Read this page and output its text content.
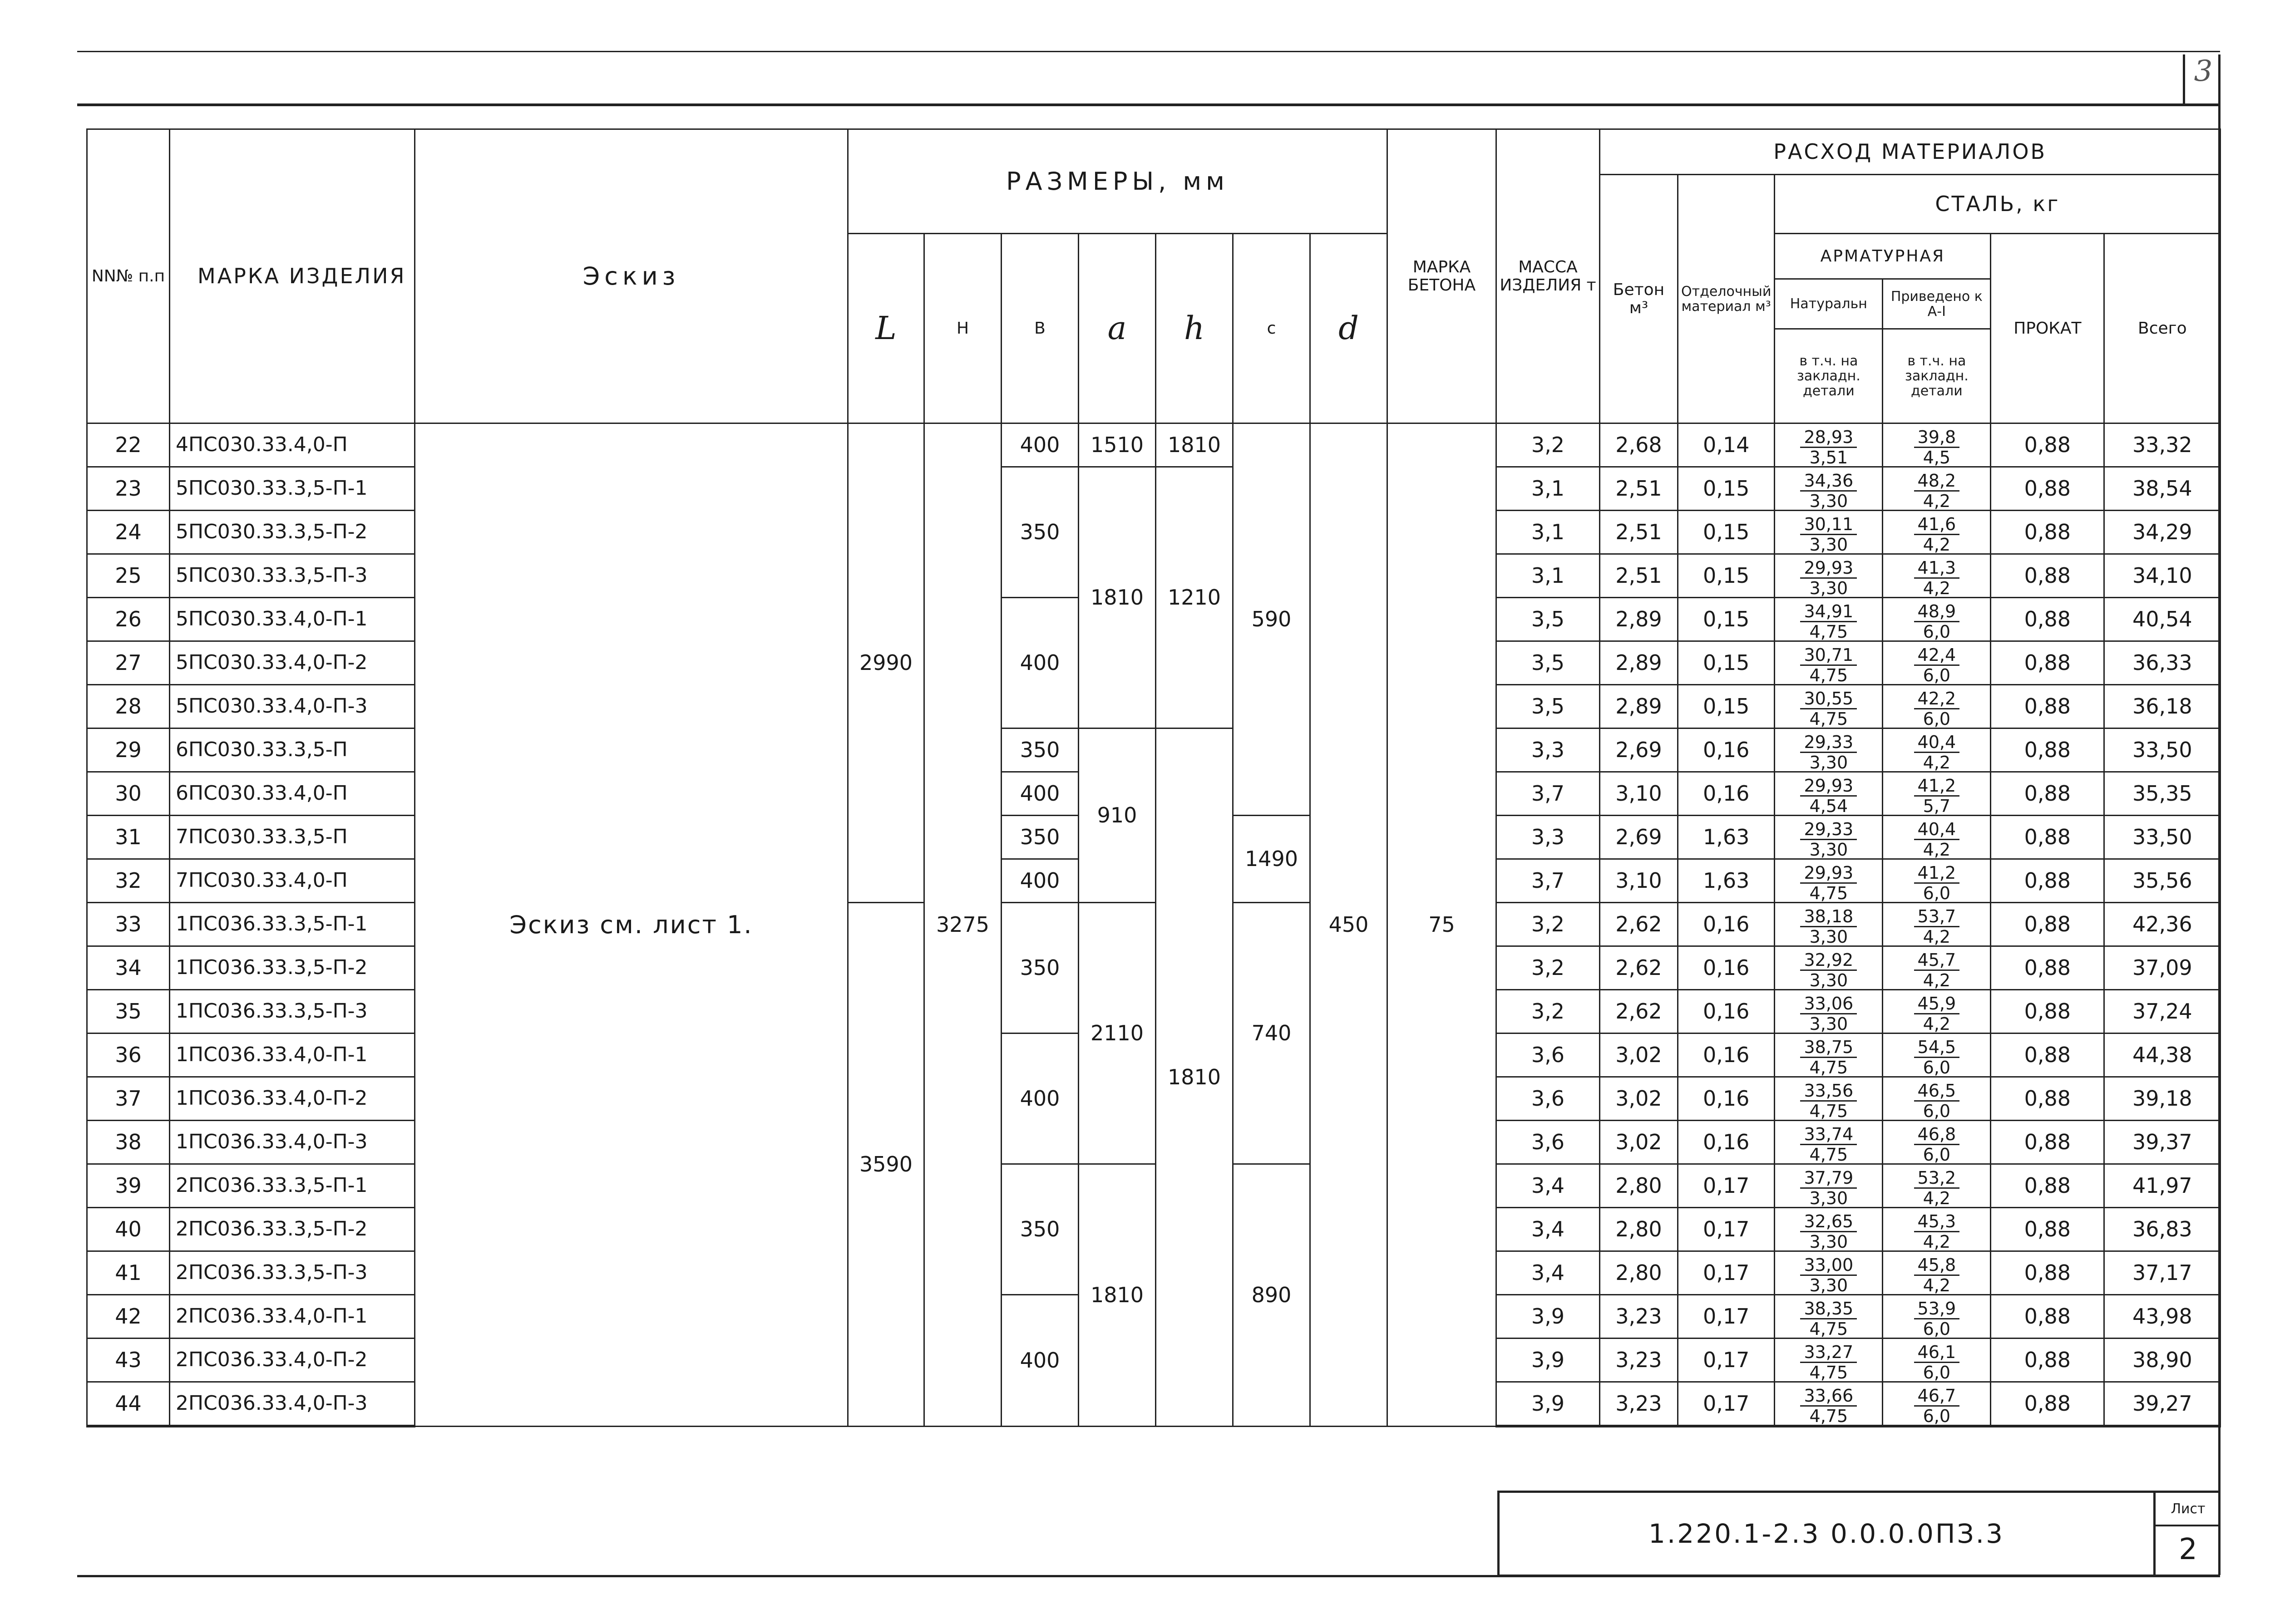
3
NN№ п.п	МАРКА ИЗДЕЛИЯ	Эскиз	РАЗМЕРЫ, мм							МАРКА БЕТОНА	МАССА ИЗДЕЛИЯ т	РАСХОД МАТЕРИАЛОВ					
												Бетон м³	Отделочный материал м³	СТАЛЬ, кг			
			L	H	B	a	h	c	d					АРМАТУРНАЯ		ПРОКАТ	Всего
														Натуральн	Приведено к А-I		
														в т.ч. на закладн. детали	в т.ч. на закладн. детали		
22	4ПС030.33.4,0-П	Эскиз см. лист 1.	2990	3275	400	1510	1810	590	450	75	3,2	2,68	0,14	$\frac{28,93}{3,51}$	$\frac{39,8}{4,5}$	0,88	33,32
23	5ПС030.33.3,5-П-1				350	1810	1210				3,1	2,51	0,15	$\frac{34,36}{3,30}$	$\frac{48,2}{4,2}$	0,88	38,54
24	5ПС030.33.3,5-П-2										3,1	2,51	0,15	$\frac{30,11}{3,30}$	$\frac{41,6}{4,2}$	0,88	34,29
25	5ПС030.33.3,5-П-3										3,1	2,51	0,15	$\frac{29,93}{3,30}$	$\frac{41,3}{4,2}$	0,88	34,10
26	5ПС030.33.4,0-П-1				400						3,5	2,89	0,15	$\frac{34,91}{4,75}$	$\frac{48,9}{6,0}$	0,88	40,54
27	5ПС030.33.4,0-П-2										3,5	2,89	0,15	$\frac{30,71}{4,75}$	$\frac{42,4}{6,0}$	0,88	36,33
28	5ПС030.33.4,0-П-3										3,5	2,89	0,15	$\frac{30,55}{4,75}$	$\frac{42,2}{6,0}$	0,88	36,18
29	6ПС030.33.3,5-П				350	910	1810				3,3	2,69	0,16	$\frac{29,33}{3,30}$	$\frac{40,4}{4,2}$	0,88	33,50
30	6ПС030.33.4,0-П				400						3,7	3,10	0,16	$\frac{29,93}{4,54}$	$\frac{41,2}{5,7}$	0,88	35,35
31	7ПС030.33.3,5-П				350			1490			3,3	2,69	1,63	$\frac{29,33}{3,30}$	$\frac{40,4}{4,2}$	0,88	33,50
32	7ПС030.33.4,0-П				400						3,7	3,10	1,63	$\frac{29,93}{4,75}$	$\frac{41,2}{6,0}$	0,88	35,56
33	1ПС036.33.3,5-П-1		3590		350	2110		740			3,2	2,62	0,16	$\frac{38,18}{3,30}$	$\frac{53,7}{4,2}$	0,88	42,36
34	1ПС036.33.3,5-П-2										3,2	2,62	0,16	$\frac{32,92}{3,30}$	$\frac{45,7}{4,2}$	0,88	37,09
35	1ПС036.33.3,5-П-3										3,2	2,62	0,16	$\frac{33,06}{3,30}$	$\frac{45,9}{4,2}$	0,88	37,24
36	1ПС036.33.4,0-П-1				400						3,6	3,02	0,16	$\frac{38,75}{4,75}$	$\frac{54,5}{6,0}$	0,88	44,38
37	1ПС036.33.4,0-П-2										3,6	3,02	0,16	$\frac{33,56}{4,75}$	$\frac{46,5}{6,0}$	0,88	39,18
38	1ПС036.33.4,0-П-3										3,6	3,02	0,16	$\frac{33,74}{4,75}$	$\frac{46,8}{6,0}$	0,88	39,37
39	2ПС036.33.3,5-П-1				350	1810		890			3,4	2,80	0,17	$\frac{37,79}{3,30}$	$\frac{53,2}{4,2}$	0,88	41,97
40	2ПС036.33.3,5-П-2										3,4	2,80	0,17	$\frac{32,65}{3,30}$	$\frac{45,3}{4,2}$	0,88	36,83
41	2ПС036.33.3,5-П-3										3,4	2,80	0,17	$\frac{33,00}{3,30}$	$\frac{45,8}{4,2}$	0,88	37,17
42	2ПС036.33.4,0-П-1				400						3,9	3,23	0,17	$\frac{38,35}{4,75}$	$\frac{53,9}{6,0}$	0,88	43,98
43	2ПС036.33.4,0-П-2										3,9	3,23	0,17	$\frac{33,27}{4,75}$	$\frac{46,1}{6,0}$	0,88	38,90
44	2ПС036.33.4,0-П-3										3,9	3,23	0,17	$\frac{33,66}{4,75}$	$\frac{46,7}{6,0}$	0,88	39,27
1.220.1-2.3 0.0.0.0ПЗ.3
Лист
2
